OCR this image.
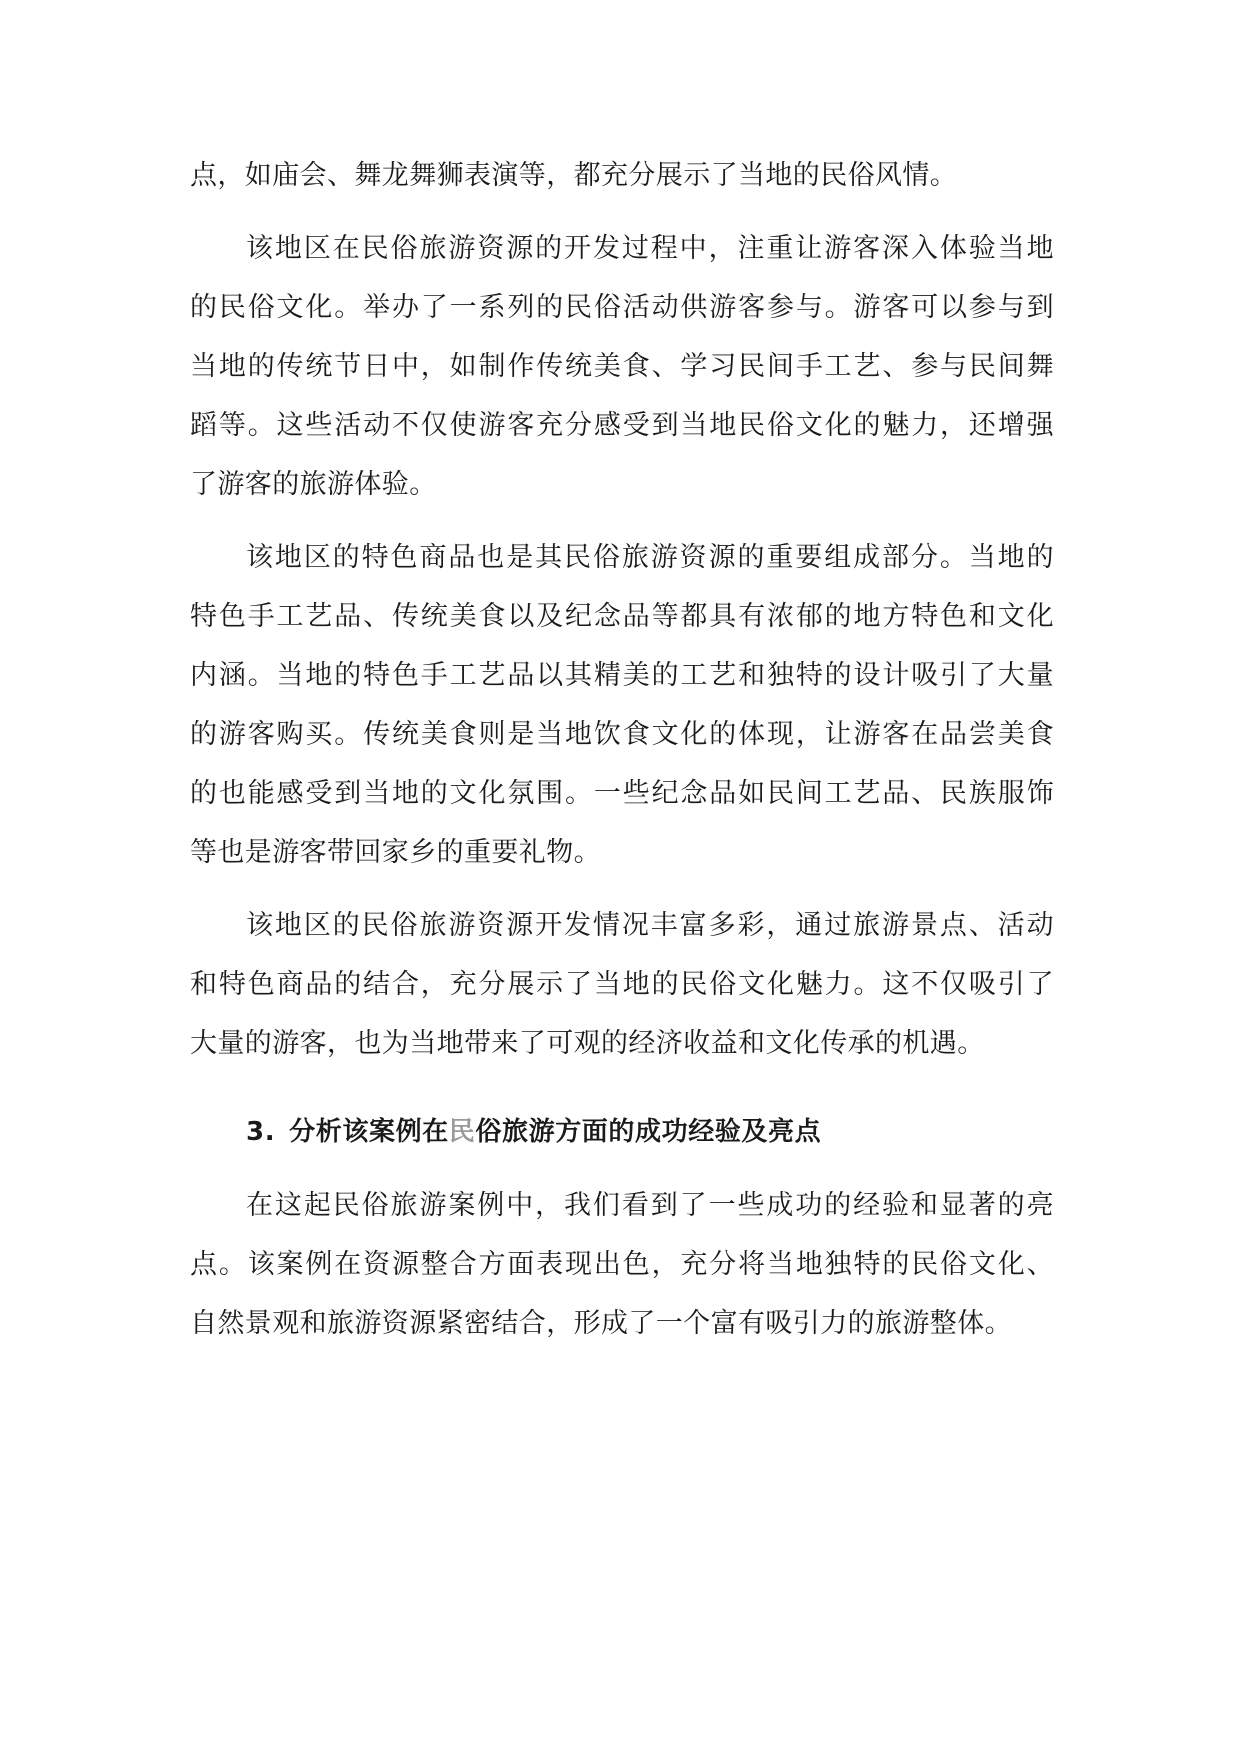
点，如庙会、舞龙舞狮表演等，都充分展示了当地的民俗风情。

该地区在民俗旅游资源的开发过程中，注重让游客深入体验当地
的民俗文化。举办了一系列的民俗活动供游客参与。游客可以参与到
当地的传统节日中，如制作传统美食、学习民间手工艺、参与民间舞
蹈等。这些活动不仅使游客充分感受到当地民俗文化的魅力，还增强
了游客的旅游体验。

该地区的特色商品也是其民俗旅游资源的重要组成部分。当地的
特色手工艺品、传统美食以及纪念品等都具有浓郁的地方特色和文化
内涵。当地的特色手工艺品以其精美的工艺和独特的设计吸引了大量
的游客购买。传统美食则是当地饮食文化的体现，让游客在品尝美食
的也能感受到当地的文化氛围。一些纪念品如民间工艺品、民族服饰
等也是游客带回家乡的重要礼物。

该地区的民俗旅游资源开发情况丰富多彩，通过旅游景点、活动
和特色商品的结合，充分展示了当地的民俗文化魅力。这不仅吸引了
大量的游客，也为当地带来了可观的经济收益和文化传承的机遇。

3. 分析该案例在民俗旅游方面的成功经验及亮点

在这起民俗旅游案例中，我们看到了一些成功的经验和显著的亮
点。该案例在资源整合方面表现出色，充分将当地独特的民俗文化、
自然景观和旅游资源紧密结合，形成了一个富有吸引力的旅游整体。
